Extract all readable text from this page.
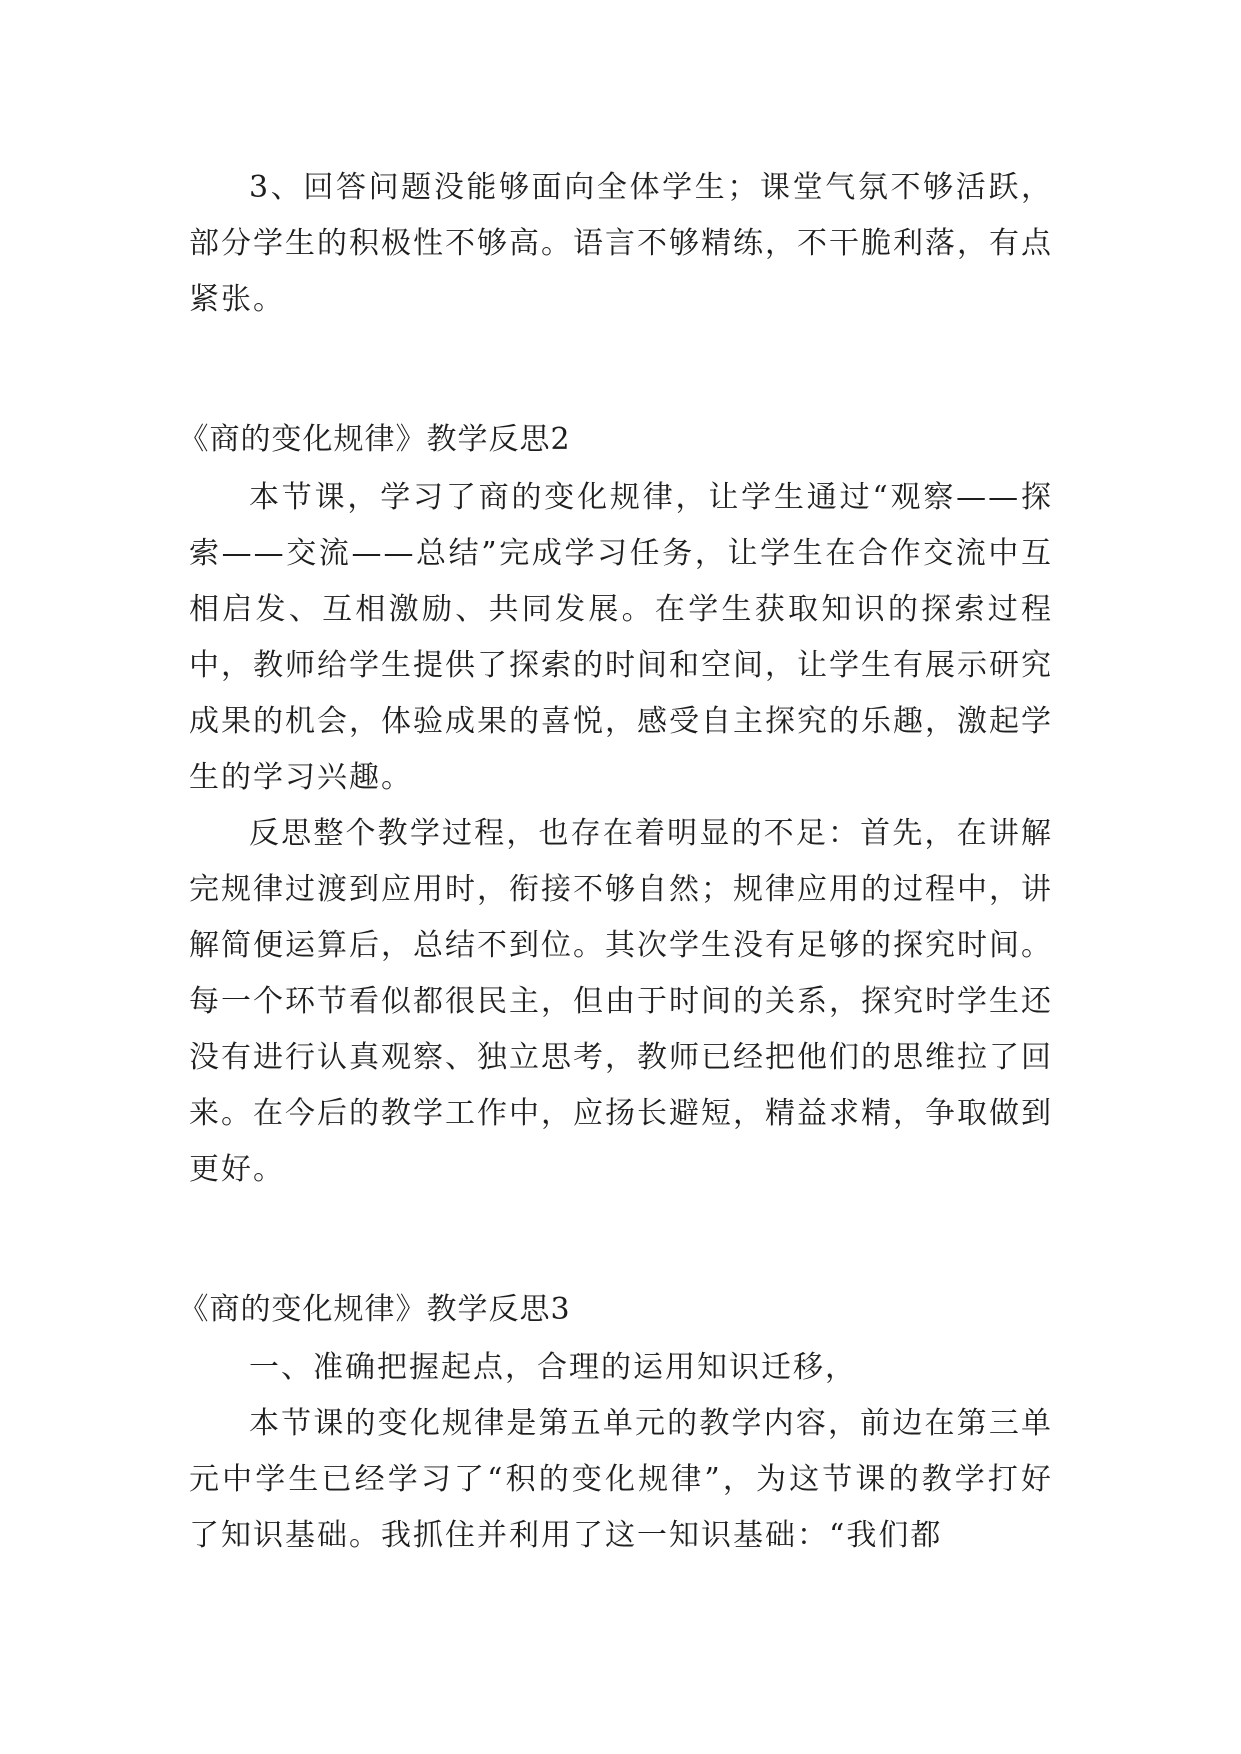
3、回答问题没能够面向全体学生；课堂气氛不够活跃，部分学生的积极性不够高。语言不够精练，不干脆利落，有点紧张。

《商的变化规律》教学反思2

本节课，学习了商的变化规律，让学生通过“观察——探索——交流——总结”完成学习任务，让学生在合作交流中互相启发、互相激励、共同发展。在学生获取知识的探索过程中，教师给学生提供了探索的时间和空间，让学生有展示研究成果的机会，体验成果的喜悦，感受自主探究的乐趣，激起学生的学习兴趣。

反思整个教学过程，也存在着明显的不足：首先，在讲解完规律过渡到应用时，衔接不够自然；规律应用的过程中，讲解简便运算后，总结不到位。其次学生没有足够的探究时间。每一个环节看似都很民主，但由于时间的关系，探究时学生还没有进行认真观察、独立思考，教师已经把他们的思维拉了回来。在今后的教学工作中，应扬长避短，精益求精，争取做到更好。

《商的变化规律》教学反思3

一、准确把握起点，合理的运用知识迁移，

本节课的变化规律是第五单元的教学内容，前边在第三单元中学生已经学习了“积的变化规律”，为这节课的教学打好了知识基础。我抓住并利用了这一知识基础：“我们都
